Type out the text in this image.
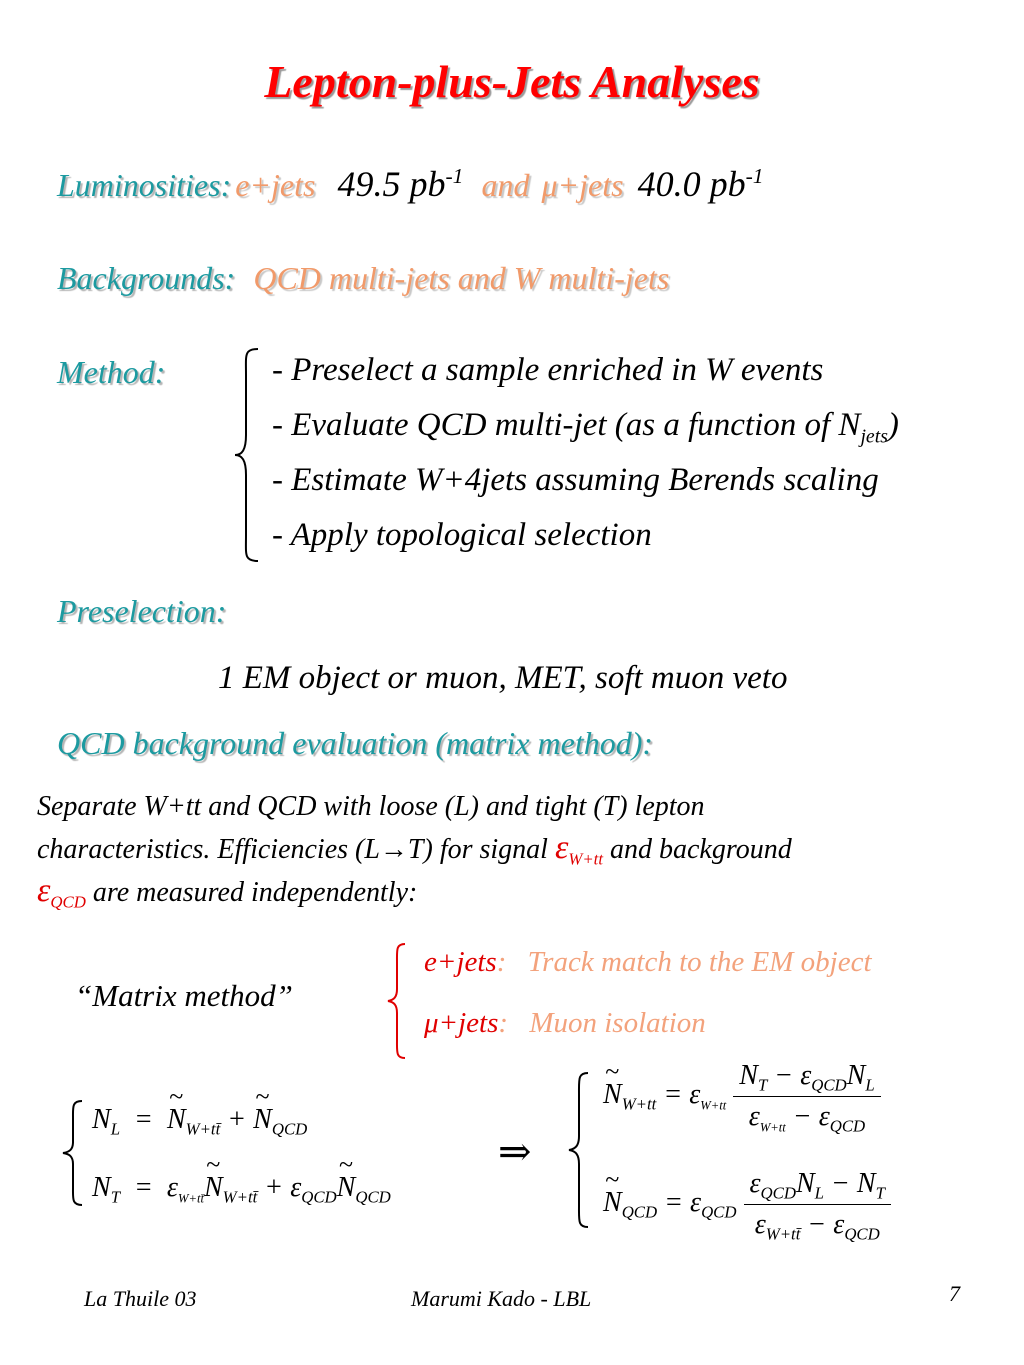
Lepton-plus-Jets Analyses
Luminosities: e+jets 49.5 $pb^{-1}$ and μ+jets 40.0 $pb^{-1}$
Backgrounds: QCD multi-jets and W multi-jets
Method:	- Preselect a sample enriched in W events
- Evaluate QCD multi-jet (as a function of $N_{jets}$)
- Estimate W+4jets assuming Berends scaling
- Apply topological selection
Preselection:
1 EM object or muon, MET, soft muon veto
QCD background evaluation (matrix method):
Separate W+tt and QCD with loose (L) and tight (T) lepton
characteristics. Efficiencies (L→T) for signal $\varepsilon_{W+tt}$ and background
$\varepsilon_{QCD}$ are measured independently:
“Matrix method”
e+jets: Track match to the EM object
μ+jets: Muon isolation
$N_L$  =  ~ $N_{W+tt̄}$ + ~ $N_{QCD}$
$N_T$  =  $\varepsilon_{W+tt̄}\sim$ $N_{W+tt̄}$ + $\varepsilon_{QCD}\sim$ $N_{QCD}$
⇒
~ $N_{W+tt} = \varepsilon_{W+tt} \frac{N_T - \varepsilon_{QCD}N_L}{\varepsilon_{W+tt} - \varepsilon_{QCD}}$
~ $N_{QCD} = \varepsilon_{QCD} \frac{\varepsilon_{QCD}N_L - N_T}{\varepsilon_{W+tt̄} - \varepsilon_{QCD}}$
La Thuile 03	Marumi Kado - LBL	7
